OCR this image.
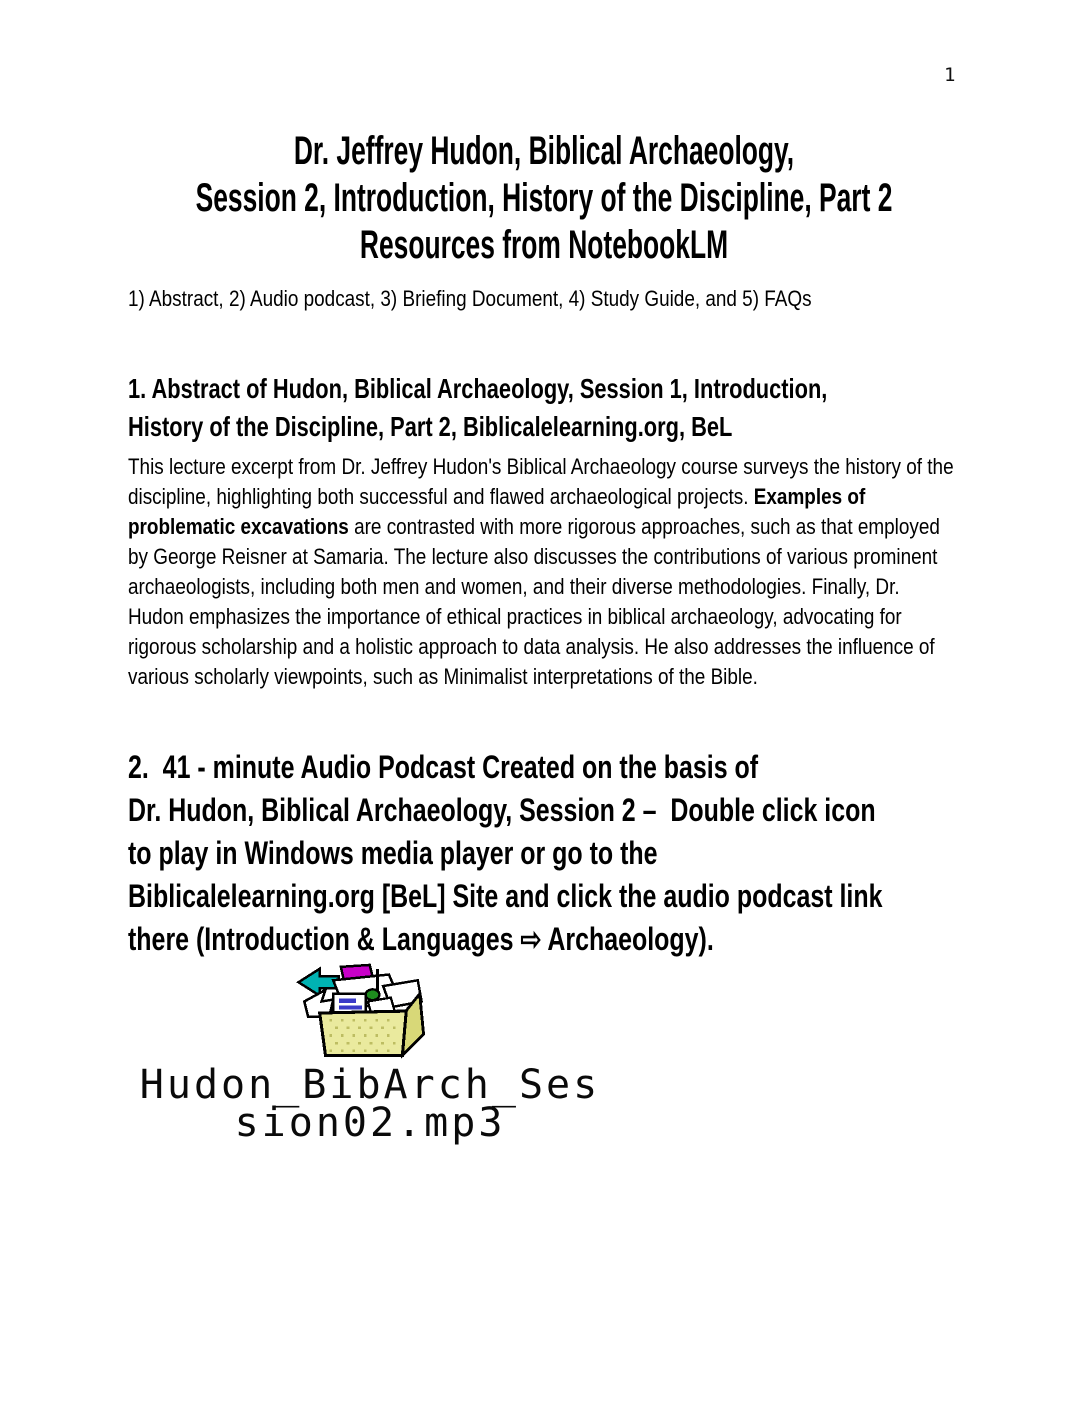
1
Dr. Jeffrey Hudon, Biblical Archaeology,
Session 2, Introduction, History of the Discipline, Part 2
Resources from NotebookLM
1) Abstract, 2) Audio podcast, 3) Briefing Document, 4) Study Guide, and 5) FAQs
1. Abstract of Hudon, Biblical Archaeology, Session 1, Introduction,
History of the Discipline, Part 2, Biblicalelearning.org, BeL
This lecture excerpt from Dr. Jeffrey Hudon's Biblical Archaeology course surveys the history of the discipline, highlighting both successful and flawed archaeological projects. Examples of problematic excavations are contrasted with more rigorous approaches, such as that employed by George Reisner at Samaria. The lecture also discusses the contributions of various prominent archaeologists, including both men and women, and their diverse methodologies. Finally, Dr. Hudon emphasizes the importance of ethical practices in biblical archaeology, advocating for rigorous scholarship and a holistic approach to data analysis. He also addresses the influence of various scholarly viewpoints, such as Minimalist interpretations of the Bible.
2.  41 - minute Audio Podcast Created on the basis of
Dr. Hudon, Biblical Archaeology, Session 2 –  Double click icon
to play in Windows media player or go to the
Biblicalelearning.org [BeL] Site and click the audio podcast link
there (Introduction & Languages ⇨ Archaeology).
Hudon_BibArch_Ses
sion02.mp3
